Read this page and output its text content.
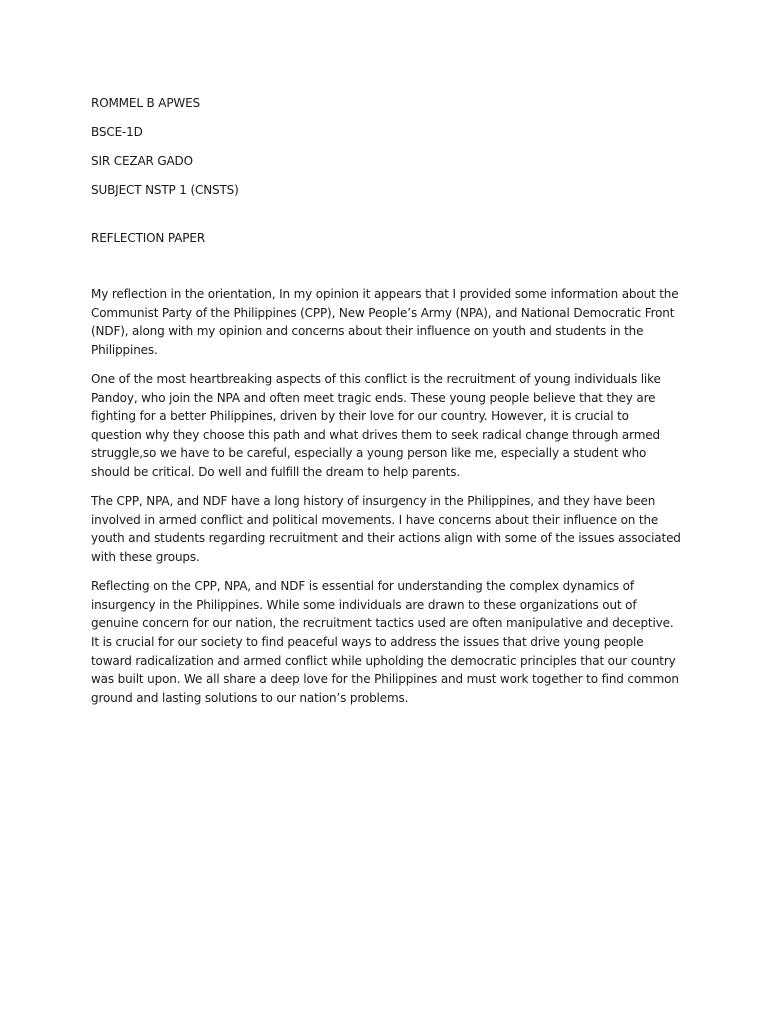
ROMMEL B APWES

BSCE-1D

SIR CEZAR GADO

SUBJECT NSTP 1 (CNSTS)

REFLECTION PAPER

My reflection in the orientation, In my opinion it appears that I provided some information about the Communist Party of the Philippines (CPP), New People’s Army (NPA), and National Democratic Front (NDF), along with my opinion and concerns about their influence on youth and students in the Philippines.

One of the most heartbreaking aspects of this conflict is the recruitment of young individuals like Pandoy, who join the NPA and often meet tragic ends. These young people believe that they are fighting for a better Philippines, driven by their love for our country. However, it is crucial to question why they choose this path and what drives them to seek radical change through armed struggle,so we have to be careful, especially a young person like me, especially a student who should be critical. Do well and fulfill the dream to help parents.

The CPP, NPA, and NDF have a long history of insurgency in the Philippines, and they have been involved in armed conflict and political movements. I have concerns about their influence on the youth and students regarding recruitment and their actions align with some of the issues associated with these groups.

Reflecting on the CPP, NPA, and NDF is essential for understanding the complex dynamics of insurgency in the Philippines. While some individuals are drawn to these organizations out of genuine concern for our nation, the recruitment tactics used are often manipulative and deceptive. It is crucial for our society to find peaceful ways to address the issues that drive young people toward radicalization and armed conflict while upholding the democratic principles that our country was built upon. We all share a deep love for the Philippines and must work together to find common ground and lasting solutions to our nation’s problems.
